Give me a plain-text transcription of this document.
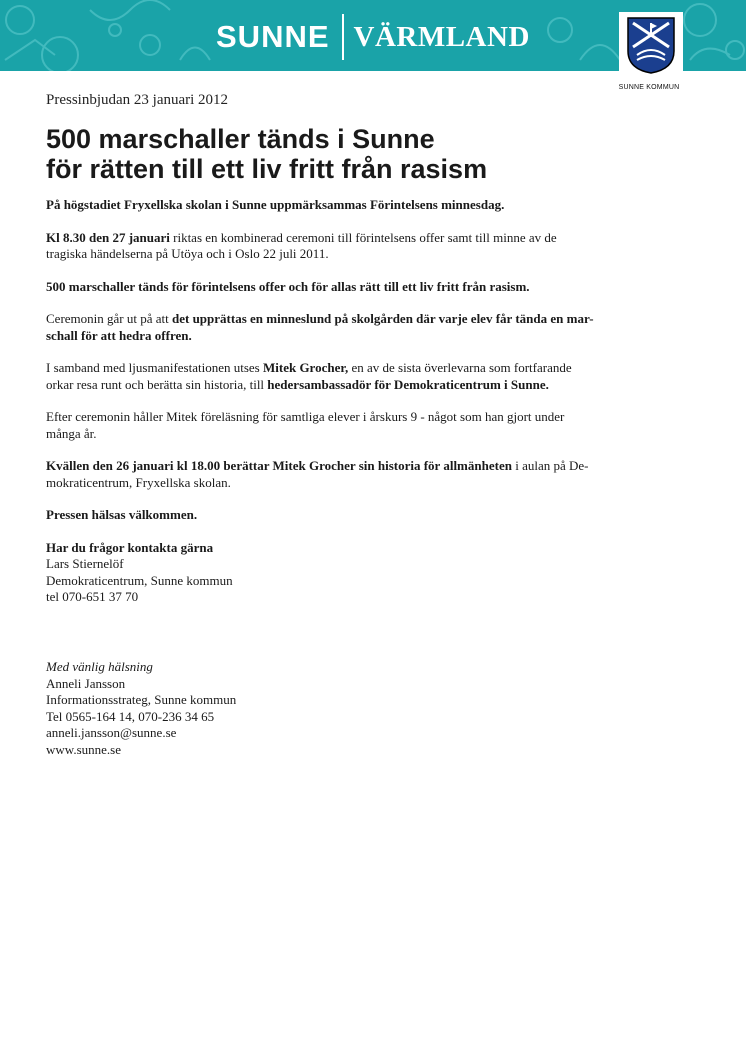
SUNNE VÄRMLAND
SUNNE KOMMUN
Pressinbjudan 23 januari 2012
500 marschaller tänds i Sunne
för rätten till ett liv fritt från rasism

På högstadiet Fryxellska skolan i Sunne uppmärksammas Förintelsens minnesdag.

Kl 8.30 den 27 januari riktas en kombinerad ceremoni till förintelsens offer samt till minne av de
tragiska händelserna på Utöya och i Oslo 22 juli 2011.

500 marschaller tänds för förintelsens offer och för allas rätt till ett liv fritt från rasism.

Ceremonin går ut på att det upprättas en minneslund på skolgården där varje elev får tända en mar-
schall för att hedra offren.

I samband med ljusmanifestationen utses Mitek Grocher, en av de sista överlevarna som fortfarande
orkar resa runt och berätta sin historia, till hedersambassadör för Demokraticentrum i Sunne.

Efter ceremonin håller Mitek föreläsning för samtliga elever i årskurs 9 - något som han gjort under
många år.

Kvällen den 26 januari kl 18.00 berättar Mitek Grocher sin historia för allmänheten i aulan på De-
mokraticentrum, Fryxellska skolan.

Pressen hälsas välkommen.

Har du frågor kontakta gärna
Lars Stiernelöf
Demokraticentrum, Sunne kommun
tel 070-651 37 70
Med vänlig hälsning
Anneli Jansson
Informationsstrateg, Sunne kommun
Tel 0565-164 14, 070-236 34 65
anneli.jansson@sunne.se
www.sunne.se
